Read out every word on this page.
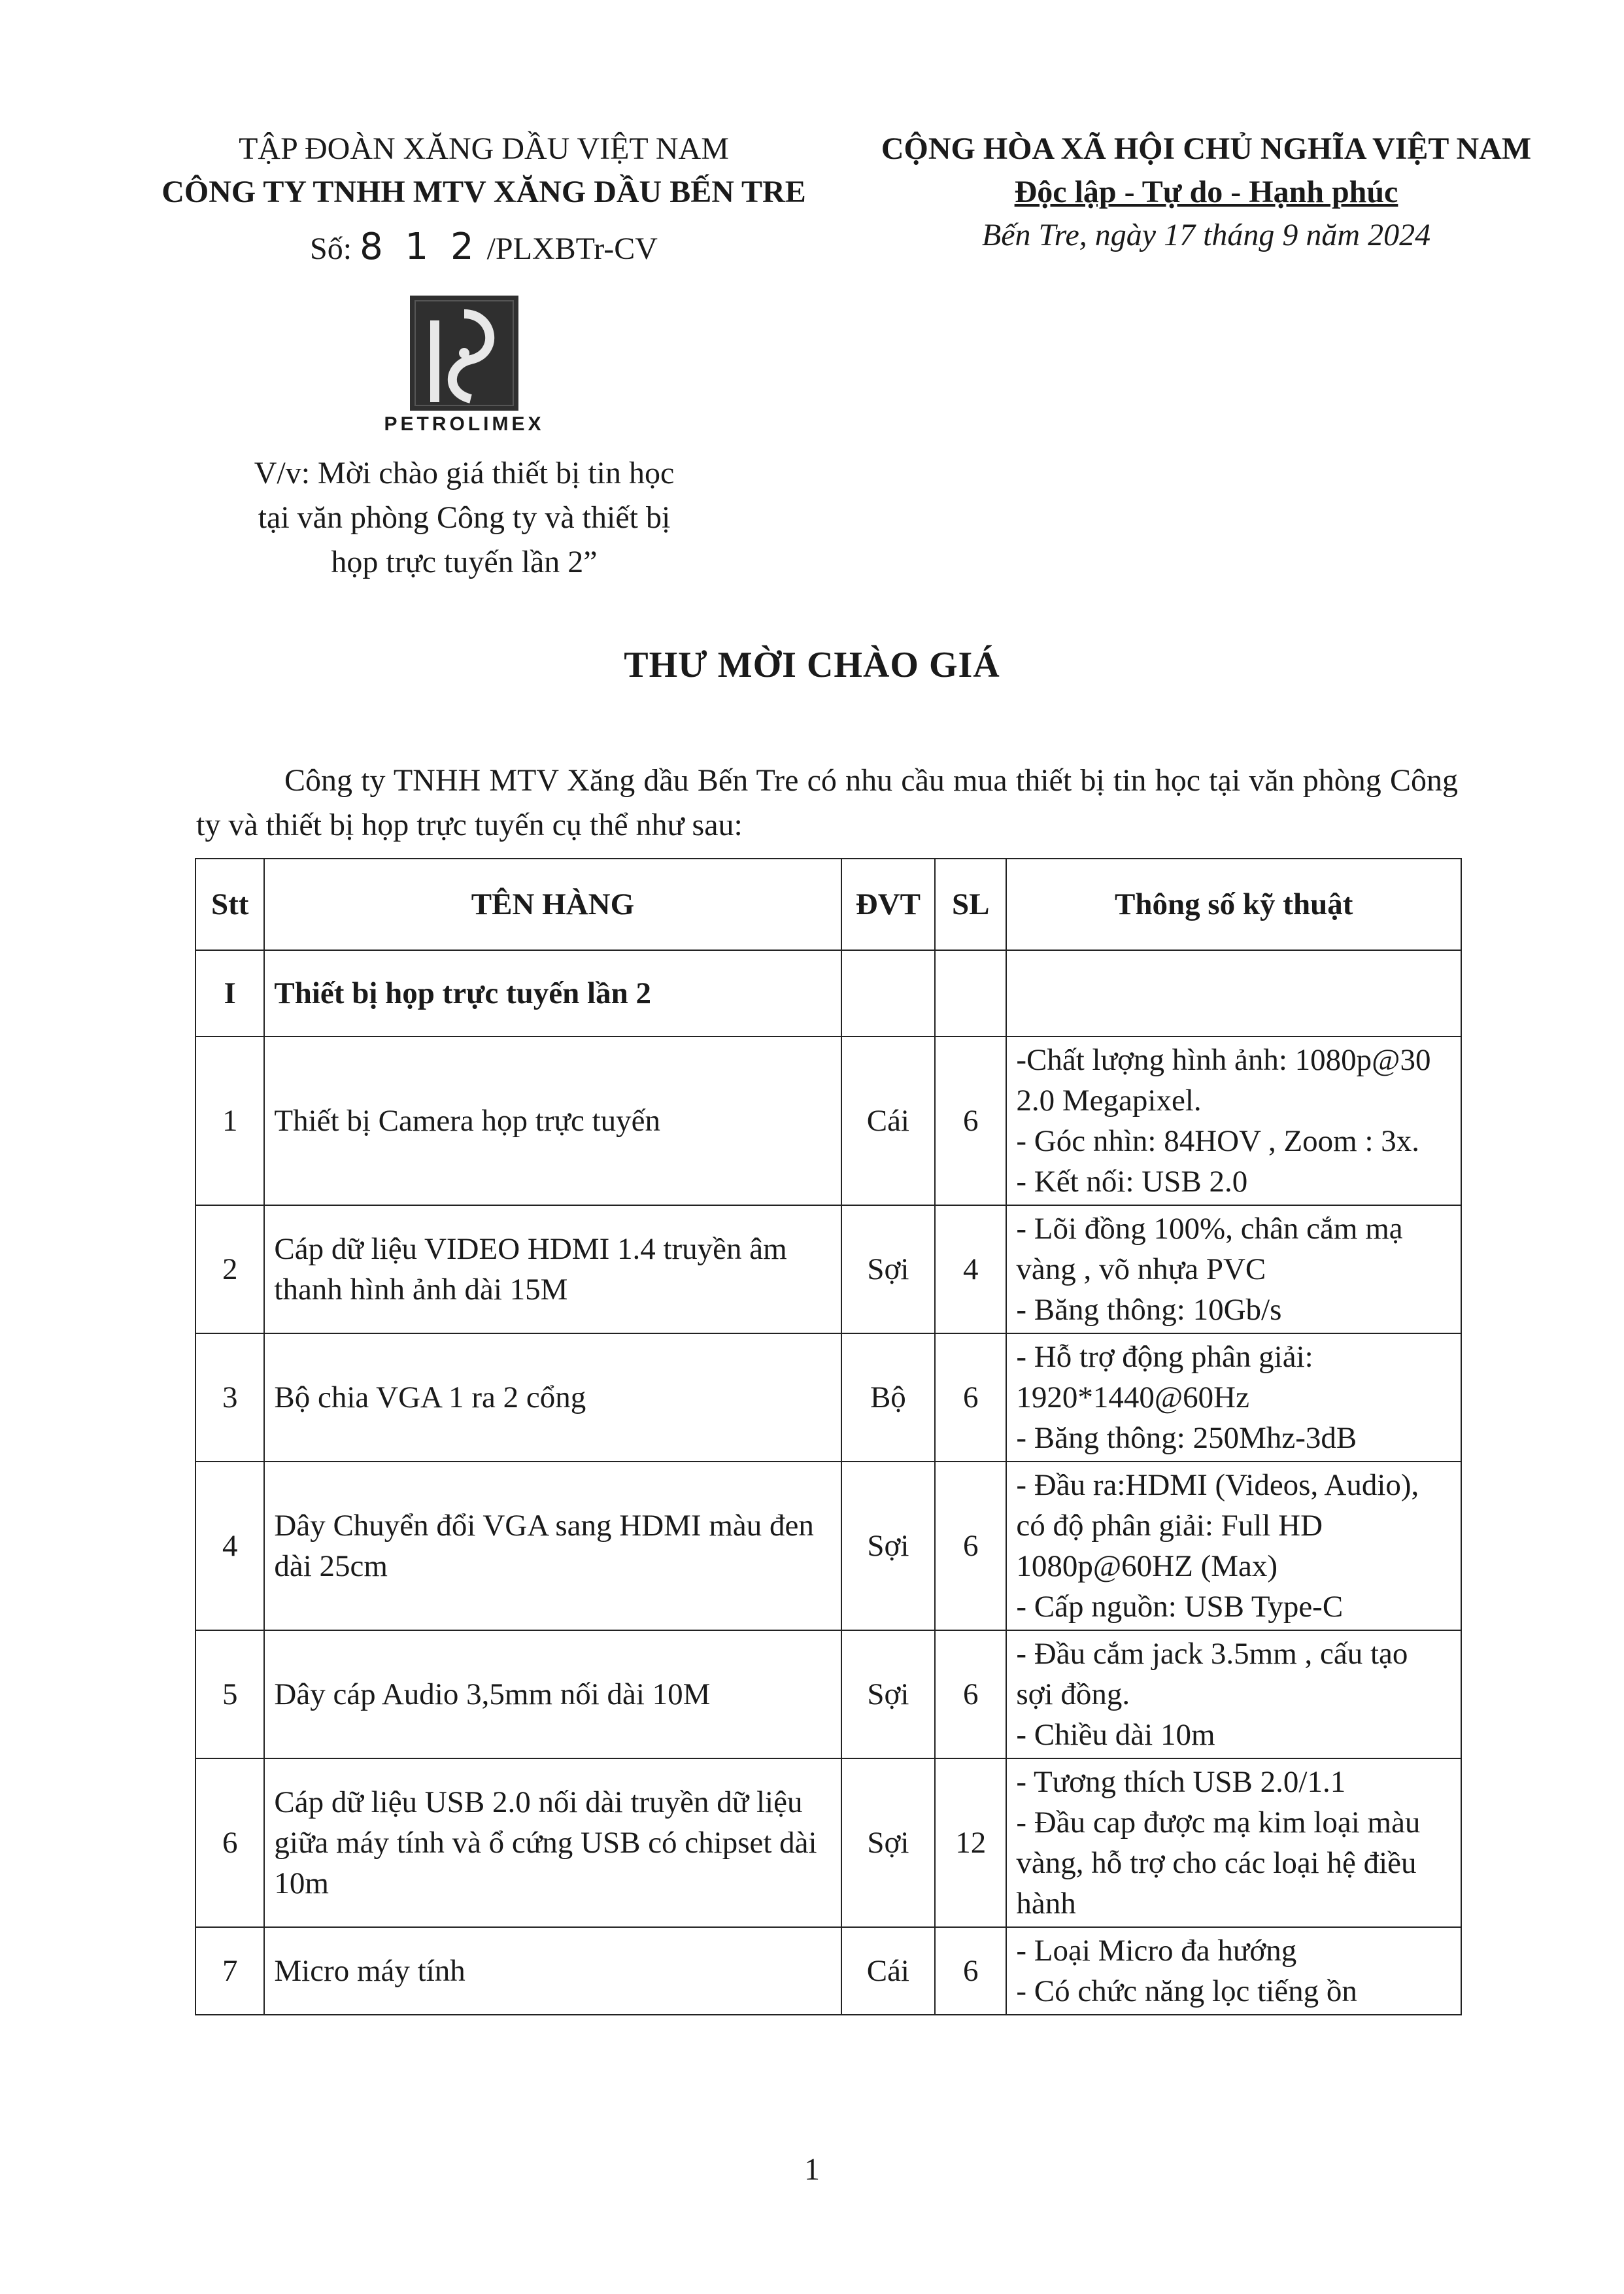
TẬP ĐOÀN XĂNG DẦU VIỆT NAM
CÔNG TY TNHH MTV XĂNG DẦU BẾN TRE
Số: 8 1 2 /PLXBTr-CV
PETROLIMEX
V/v: Mời chào giá thiết bị tin học
tại văn phòng Công ty và thiết bị
họp trực tuyến lần 2”
CỘNG HÒA XÃ HỘI CHỦ NGHĨA VIỆT NAM
Độc lập - Tự do - Hạnh phúc
Bến Tre, ngày 17 tháng 9 năm 2024
THƯ MỜI CHÀO GIÁ
Công ty TNHH MTV Xăng dầu Bến Tre có nhu cầu mua thiết bị tin học tại văn phòng Công ty và thiết bị họp trực tuyến cụ thể như sau:
Stt	TÊN HÀNG	ĐVT	SL	Thông số kỹ thuật
I	Thiết bị họp trực tuyến lần 2			
1	Thiết bị Camera họp trực tuyến	Cái	6	-Chất lượng hình ảnh: 1080p@30 2.0 Megapixel.
- Góc nhìn: 84HOV , Zoom : 3x.
- Kết nối: USB 2.0

2	Cáp dữ liệu VIDEO HDMI 1.4 truyền âm thanh hình ảnh dài 15M	Sợi	4	- Lõi đồng 100%, chân cắm mạ vàng , võ nhựa PVC
- Băng thông: 10Gb/s

3	Bộ chia VGA 1 ra 2 cổng	Bộ	6	- Hỗ trợ động phân giải: 1920*1440@60Hz
- Băng thông: 250Mhz-3dB

4	Dây Chuyển đổi VGA sang HDMI màu đen dài 25cm	Sợi	6	- Đầu ra:HDMI (Videos, Audio), có độ phân giải: Full HD 1080p@60HZ (Max)
- Cấp nguồn: USB Type-C

5	Dây cáp Audio 3,5mm nối dài 10M	Sợi	6	- Đầu cắm jack 3.5mm , cấu tạo sợi đồng.
- Chiều dài 10m

6	Cáp dữ liệu USB 2.0 nối dài truyền dữ liệu giữa máy tính và ổ cứng USB có chipset dài 10m	Sợi	12	- Tương thích USB 2.0/1.1
- Đầu cap được mạ kim loại màu vàng, hỗ trợ cho các loại hệ điều hành

7	Micro máy tính	Cái	6	- Loại Micro đa hướng
- Có chức năng lọc tiếng ồn
1
